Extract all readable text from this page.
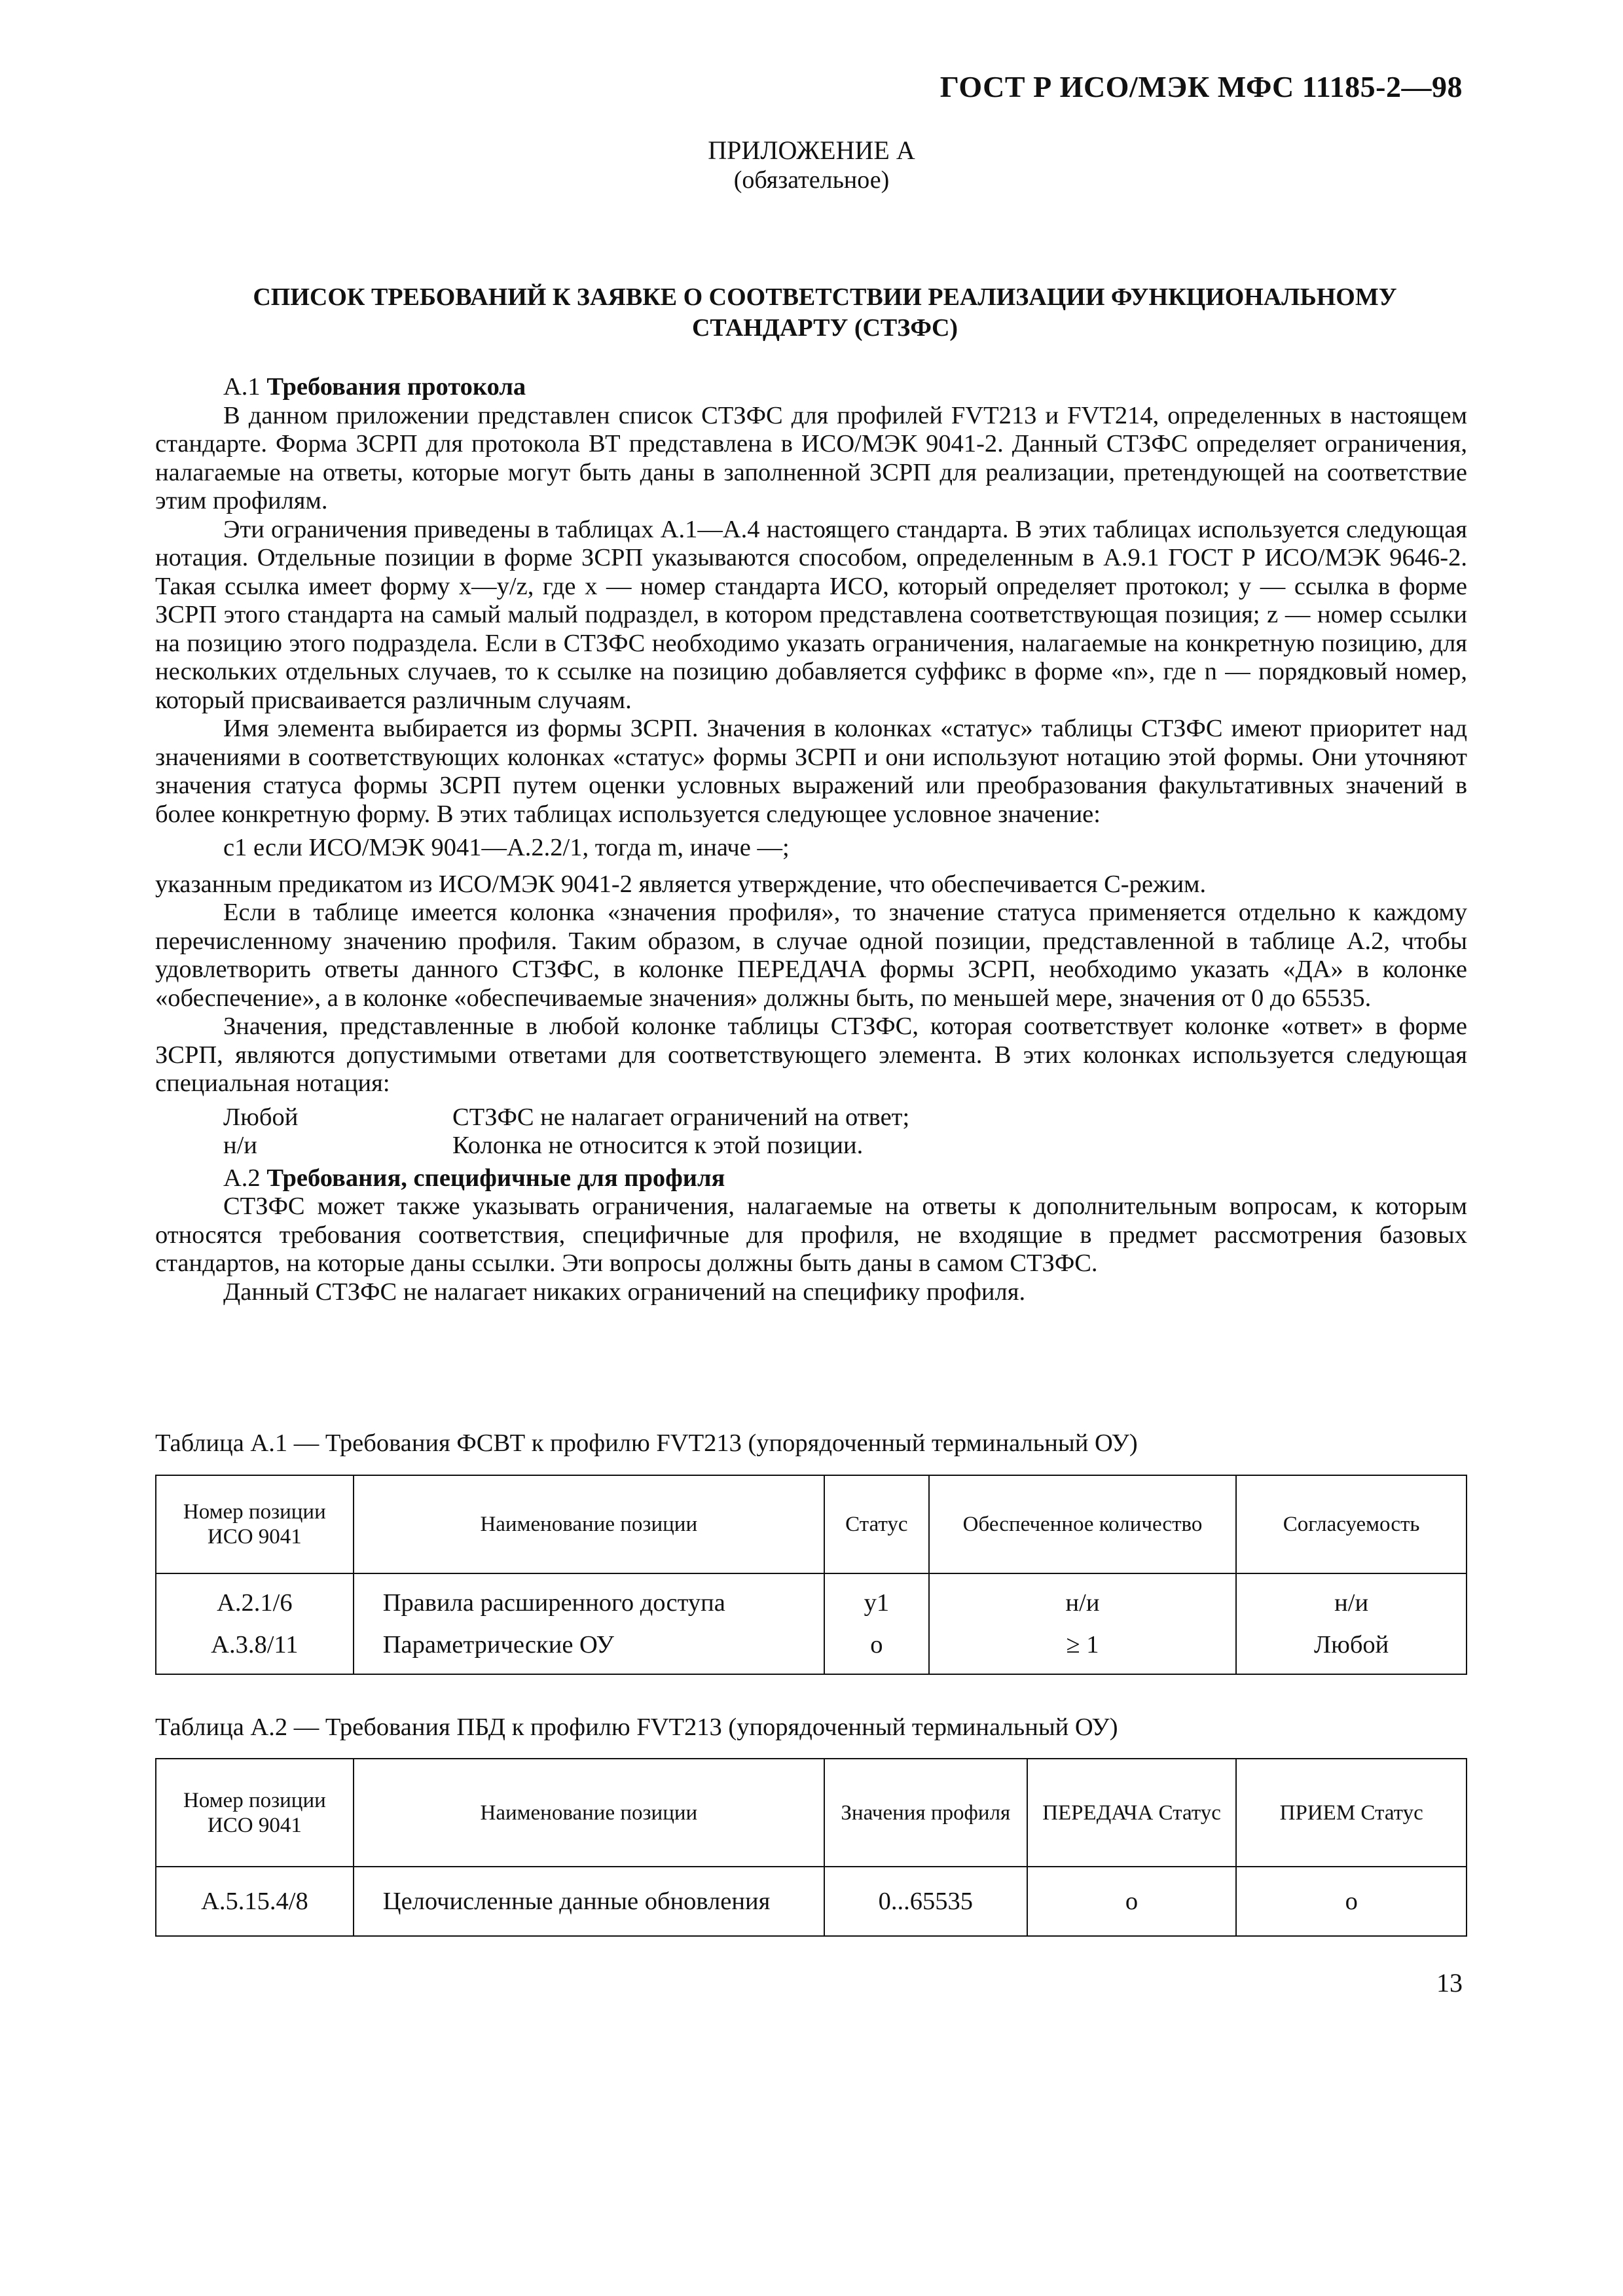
ГОСТ Р ИСО/МЭК МФС 11185-2—98
ПРИЛОЖЕНИЕ А
(обязательное)
СПИСОК ТРЕБОВАНИЙ К ЗАЯВКЕ О СООТВЕТСТВИИ РЕАЛИЗАЦИИ ФУНКЦИОНАЛЬНОМУ
СТАНДАРТУ (СТЗФС)
А.1 Требования протокола

В данном приложении представлен список СТЗФС для профилей FVT213 и FVT214, определенных в настоящем стандарте. Форма ЗСРП для протокола ВТ представлена в ИСО/МЭК 9041-2. Данный СТЗФС определяет ограничения, налагаемые на ответы, которые могут быть даны в заполненной ЗСРП для реализации, претендующей на соответствие этим профилям.

Эти ограничения приведены в таблицах А.1—А.4 настоящего стандарта. В этих таблицах используется следующая нотация. Отдельные позиции в форме ЗСРП указываются способом, определенным в А.9.1 ГОСТ Р ИСО/МЭК 9646-2. Такая ссылка имеет форму x—y/z, где x — номер стандарта ИСО, который определяет протокол; y — ссылка в форме ЗСРП этого стандарта на самый малый подраздел, в котором представлена соответствующая позиция; z — номер ссылки на позицию этого подраздела. Если в СТЗФС необходимо указать ограничения, налагаемые на конкретную позицию, для нескольких отдельных случаев, то к ссылке на позицию добавляется суффикс в форме «n», где n — порядковый номер, который присваивается различным случаям.

Имя элемента выбирается из формы ЗСРП. Значения в колонках «статус» таблицы СТЗФС имеют приоритет над значениями в соответствующих колонках «статус» формы ЗСРП и они используют нотацию этой формы. Они уточняют значения статуса формы ЗСРП путем оценки условных выражений или преобразования факультативных значений в более конкретную форму. В этих таблицах используется следующее условное значение:

c1 если ИСО/МЭК 9041—А.2.2/1, тогда m, иначе —;

указанным предикатом из ИСО/МЭК 9041-2 является утверждение, что обеспечивается С-режим.

Если в таблице имеется колонка «значения профиля», то значение статуса применяется отдельно к каждому перечисленному значению профиля. Таким образом, в случае одной позиции, представленной в таблице А.2, чтобы удовлетворить ответы данного СТЗФС, в колонке ПЕРЕДАЧА формы ЗСРП, необходимо указать «ДА» в колонке «обеспечение», а в колонке «обеспечиваемые значения» должны быть, по меньшей мере, значения от 0 до 65535.

Значения, представленные в любой колонке таблицы СТЗФС, которая соответствует колонке «ответ» в форме ЗСРП, являются допустимыми ответами для соответствующего элемента. В этих колонках используется следующая специальная нотация:

Любой	СТЗФС не налагает ограничений на ответ;
н/и	Колонка не относится к этой позиции.
А.2 Требования, специфичные для профиля

СТЗФС может также указывать ограничения, налагаемые на ответы к дополнительным вопросам, к которым относятся требования соответствия, специфичные для профиля, не входящие в предмет рассмотрения базовых стандартов, на которые даны ссылки. Эти вопросы должны быть даны в самом СТЗФС.

Данный СТЗФС не налагает никаких ограничений на специфику профиля.

Таблица А.1 — Требования ФСВТ к профилю FVT213 (упорядоченный терминальный ОУ)
Номер позиции ИСО 9041	Наименование позиции	Статус	Обеспеченное количество	Согласуемость
А.2.1/6	Правила расширенного доступа	y1	н/и	н/и
А.3.8/11	Параметрические ОУ	o	≥ 1	Любой
Таблица А.2 — Требования ПБД к профилю FVT213 (упорядоченный терминальный ОУ)
Номер позиции ИСО 9041	Наименование позиции	Значения профиля	ПЕРЕДАЧА Статус	ПРИЕМ Статус
А.5.15.4/8	Целочисленные данные обновления	0...65535	o	o
13
